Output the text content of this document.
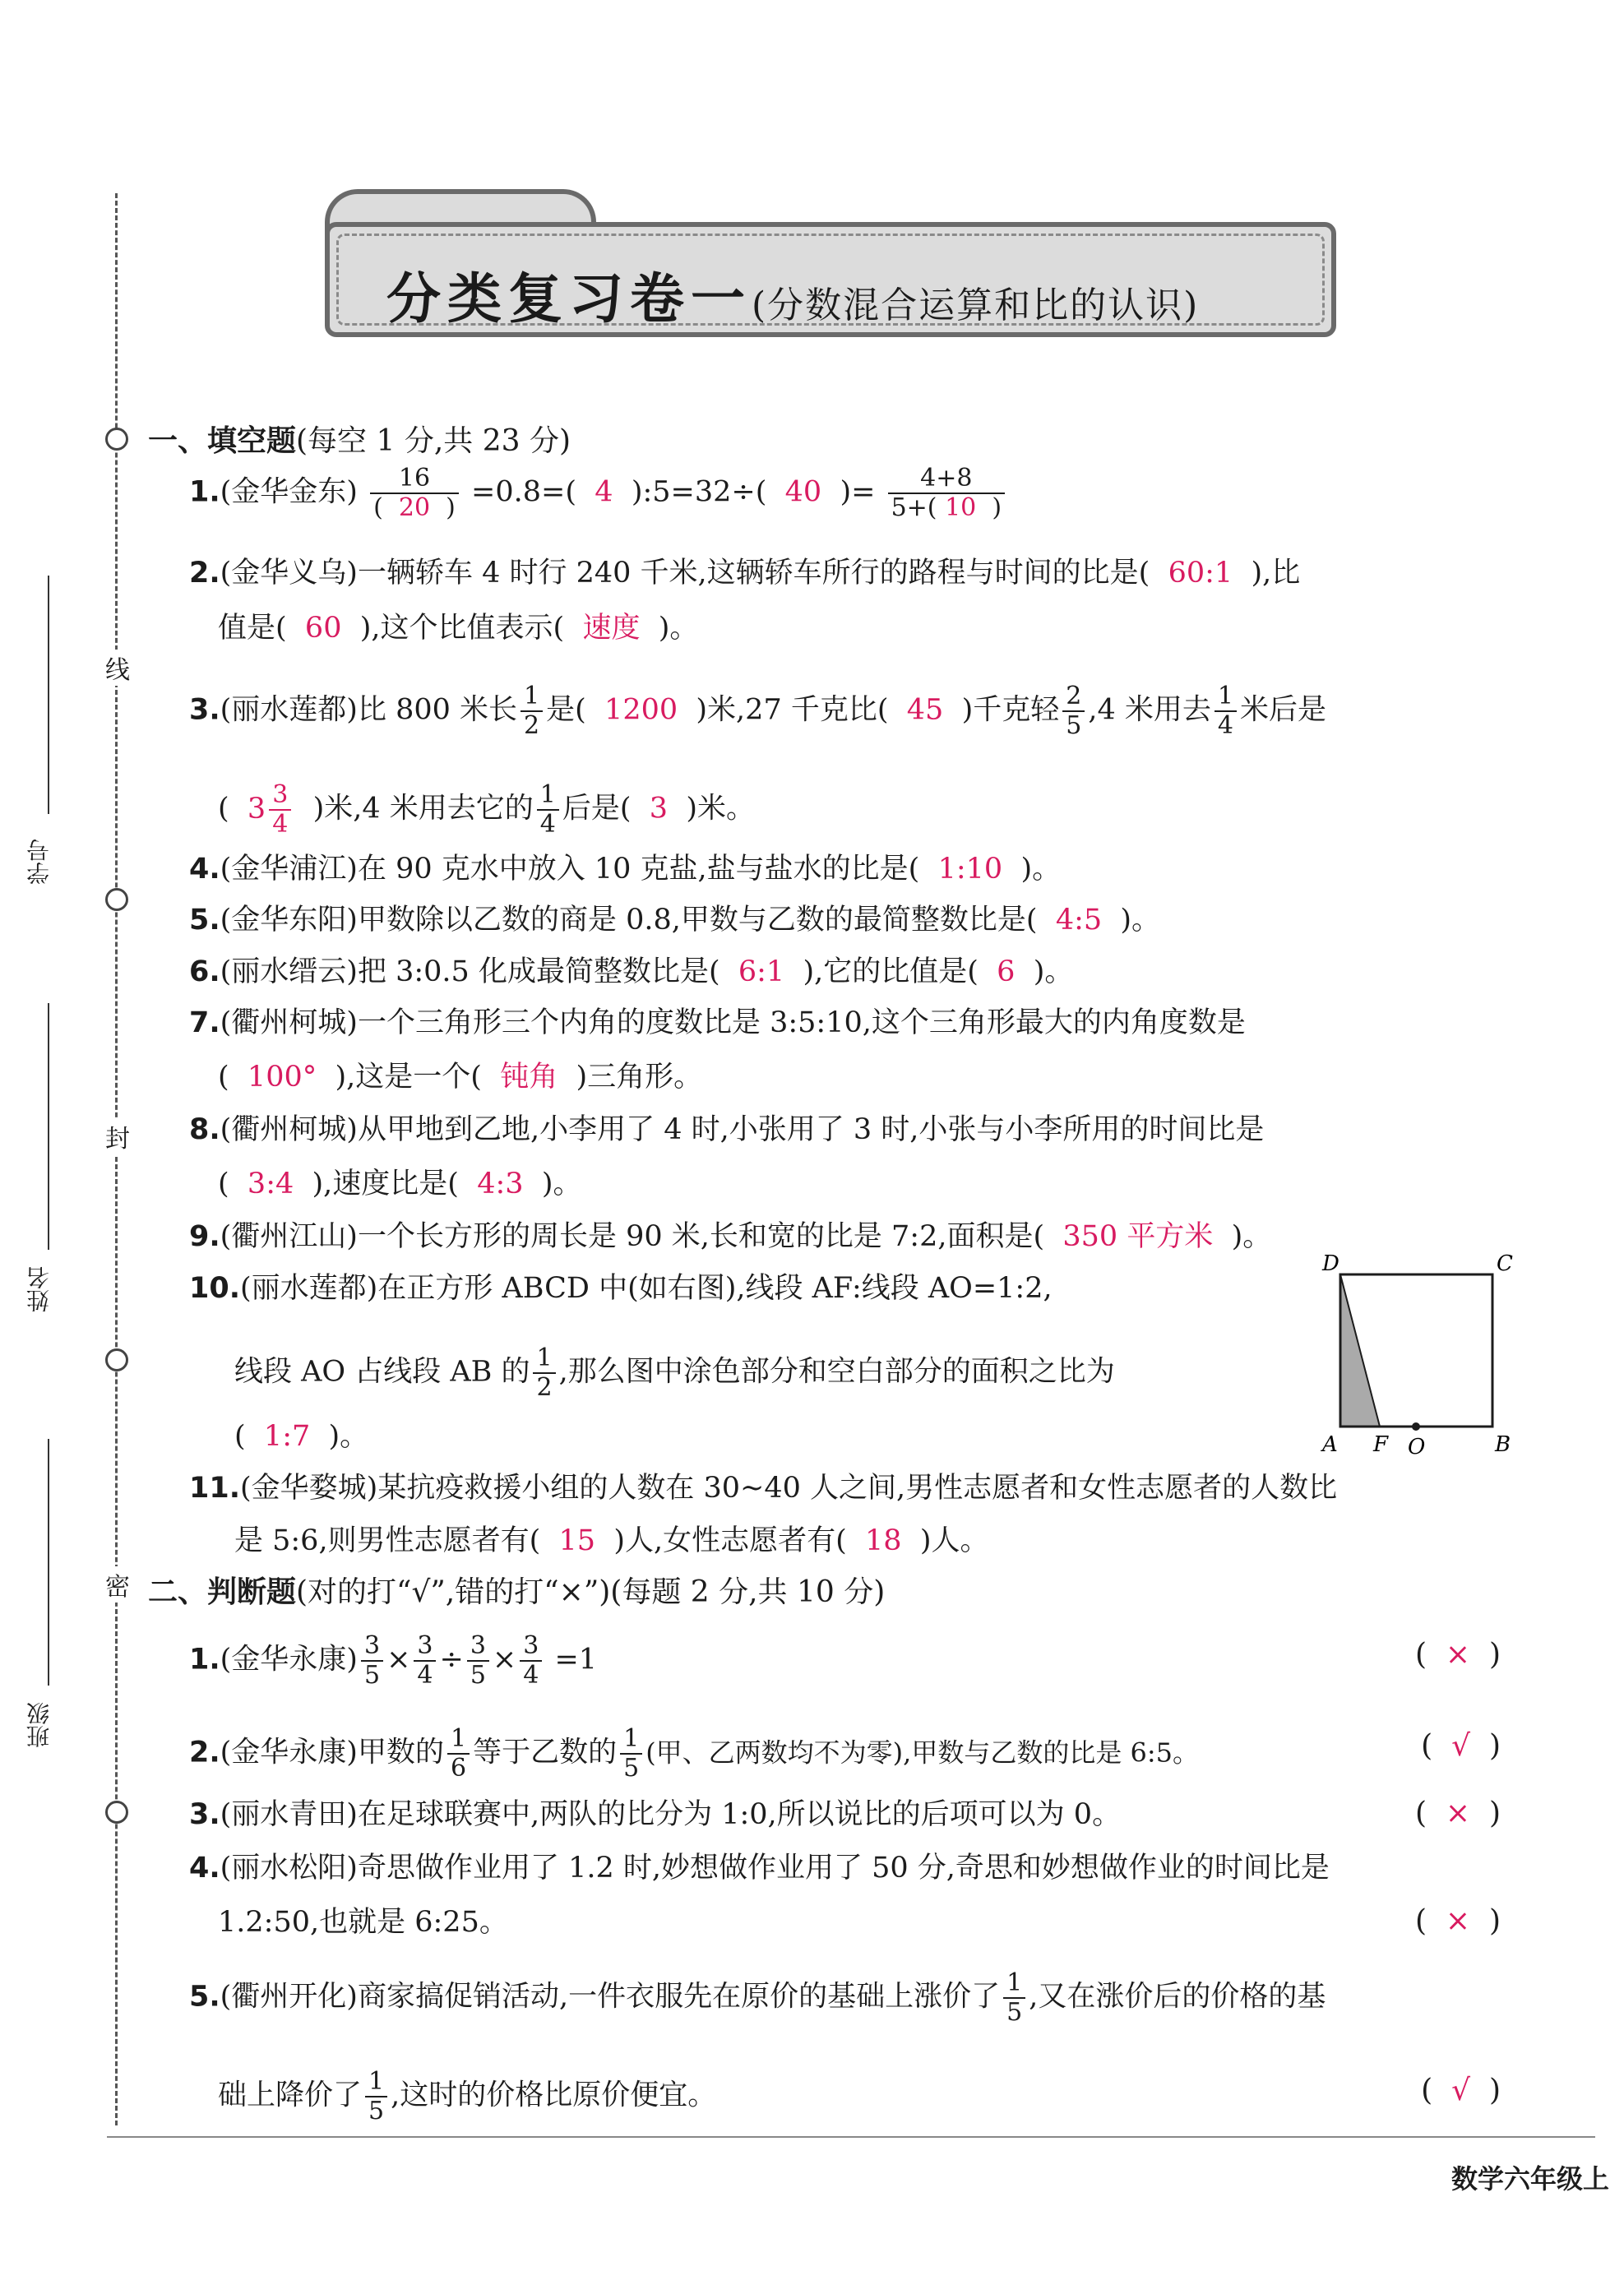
线
封
密
学号
姓名
班级
分类复习卷一(分数混合运算和比的认识)
一、填空题(每空 1 分,共 23 分)
1.(金华金东) $\frac{16}{( 20 )} =0.8=$( 4 ):5=32÷( 40 )= $\frac{4+8}{5+( 10 )}$
2.(金华义乌)一辆轿车 4 时行 240 千米,这辆轿车所行的路程与时间的比是( 60:1 ),比
值是( 60 ),这个比值表示( 速度 )。
3.(丽水莲都)比 800 米长 $\frac{1}{2}$ 是( 1200 )米,27 千克比( 45 )千克轻 $\frac{2}{5} ,4$ 米用去 $\frac{1}{4}$ 米后是
( $3 \frac{3}{4}$ )米,4 米用去它的 $\frac{1}{4}$ 后是( 3 )米。
4.(金华浦江)在 90 克水中放入 10 克盐,盐与盐水的比是( 1:10 )。
5.(金华东阳)甲数除以乙数的商是 0.8,甲数与乙数的最简整数比是( 4:5 )。
6.(丽水缙云)把 3:0.5 化成最简整数比是( 6:1 ),它的比值是( 6 )。
7.(衢州柯城)一个三角形三个内角的度数比是 3:5:10,这个三角形最大的内角度数是
( 100° ),这是一个( 钝角 )三角形。
8.(衢州柯城)从甲地到乙地,小李用了 4 时,小张用了 3 时,小张与小李所用的时间比是
( 3:4 ),速度比是( 4:3 )。
9.(衢州江山)一个长方形的周长是 90 米,长和宽的比是 7:2,面积是( 350 平方米 )。
10.(丽水莲都)在正方形 ABCD 中(如右图),线段 AF:线段 AO=1:2,
线段 AO 占线段 AB 的 $\frac{1}{2}$ ,那么图中涂色部分和空白部分的面积之比为
( 1:7 )。
D	C
A F O	B
11.(金华婺城)某抗疫救援小组的人数在 30~40 人之间,男性志愿者和女性志愿者的人数比
是 5:6,则男性志愿者有( 15 )人,女性志愿者有( 18 )人。
二、判断题(对的打“√”,错的打“×”)(每题 2 分,共 10 分)
1.(金华永康) $\frac{3}{5} \times \frac{3}{4} \div \frac{3}{5} \times \frac{3}{4} =1$	( × )
2.(金华永康)甲数的 $\frac{1}{6}$ 等于乙数的 $\frac{1}{5}$ (甲、乙两数均不为零),甲数与乙数的比是 6:5。	( √ )
3.(丽水青田)在足球联赛中,两队的比分为 1:0,所以说比的后项可以为 0。	( × )
4.(丽水松阳)奇思做作业用了 1.2 时,妙想做作业用了 50 分,奇思和妙想做作业的时间比是
1.2:50,也就是 6:25。	( × )
5.(衢州开化)商家搞促销活动,一件衣服先在原价的基础上涨价了 $\frac{1}{5}$ ,又在涨价后的价格的基
础上降价了 $\frac{1}{5}$ ,这时的价格比原价便宜。	( √ )
数学六年级上
